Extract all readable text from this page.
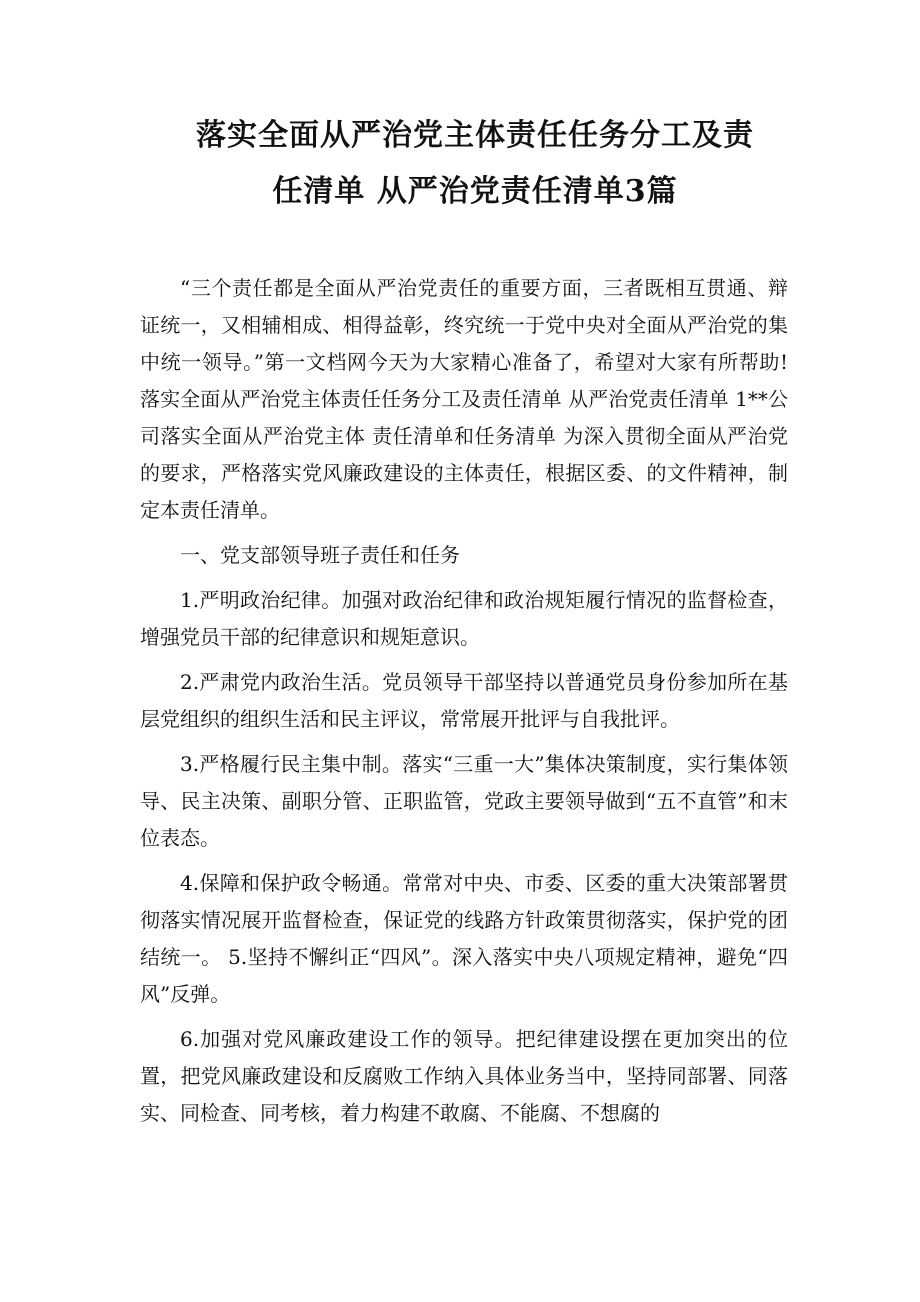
落实全面从严治党主体责任任务分工及责
任清单 从严治党责任清单3篇

“三个责任都是全面从严治党责任的重要方面，三者既相互贯通、辩证统一，又相辅相成、相得益彰，终究统一于党中央对全面从严治党的集中统一领导。”第一文档网今天为大家精心准备了，希望对大家有所帮助!落实全面从严治党主体责任任务分工及责任清单 从严治党责任清单 1**公司落实全面从严治党主体 责任清单和任务清单 为深入贯彻全面从严治党的要求，严格落实党风廉政建设的主体责任，根据区委、的文件精神，制定本责任清单。

一、党支部领导班子责任和任务

1.严明政治纪律。加强对政治纪律和政治规矩履行情况的监督检查，增强党员干部的纪律意识和规矩意识。

2.严肃党内政治生活。党员领导干部坚持以普通党员身份参加所在基层党组织的组织生活和民主评议，常常展开批评与自我批评。

3.严格履行民主集中制。落实“三重一大”集体决策制度，实行集体领导、民主决策、副职分管、正职监管，党政主要领导做到“五不直管”和末位表态。

4.保障和保护政令畅通。常常对中央、市委、区委的重大决策部署贯彻落实情况展开监督检查，保证党的线路方针政策贯彻落实，保护党的团结统一。 5.坚持不懈纠正“四风”。深入落实中央八项规定精神，避免“四风”反弹。

6.加强对党风廉政建设工作的领导。把纪律建设摆在更加突出的位置，把党风廉政建设和反腐败工作纳入具体业务当中，坚持同部署、同落实、同检查、同考核，着力构建不敢腐、不能腐、不想腐的
